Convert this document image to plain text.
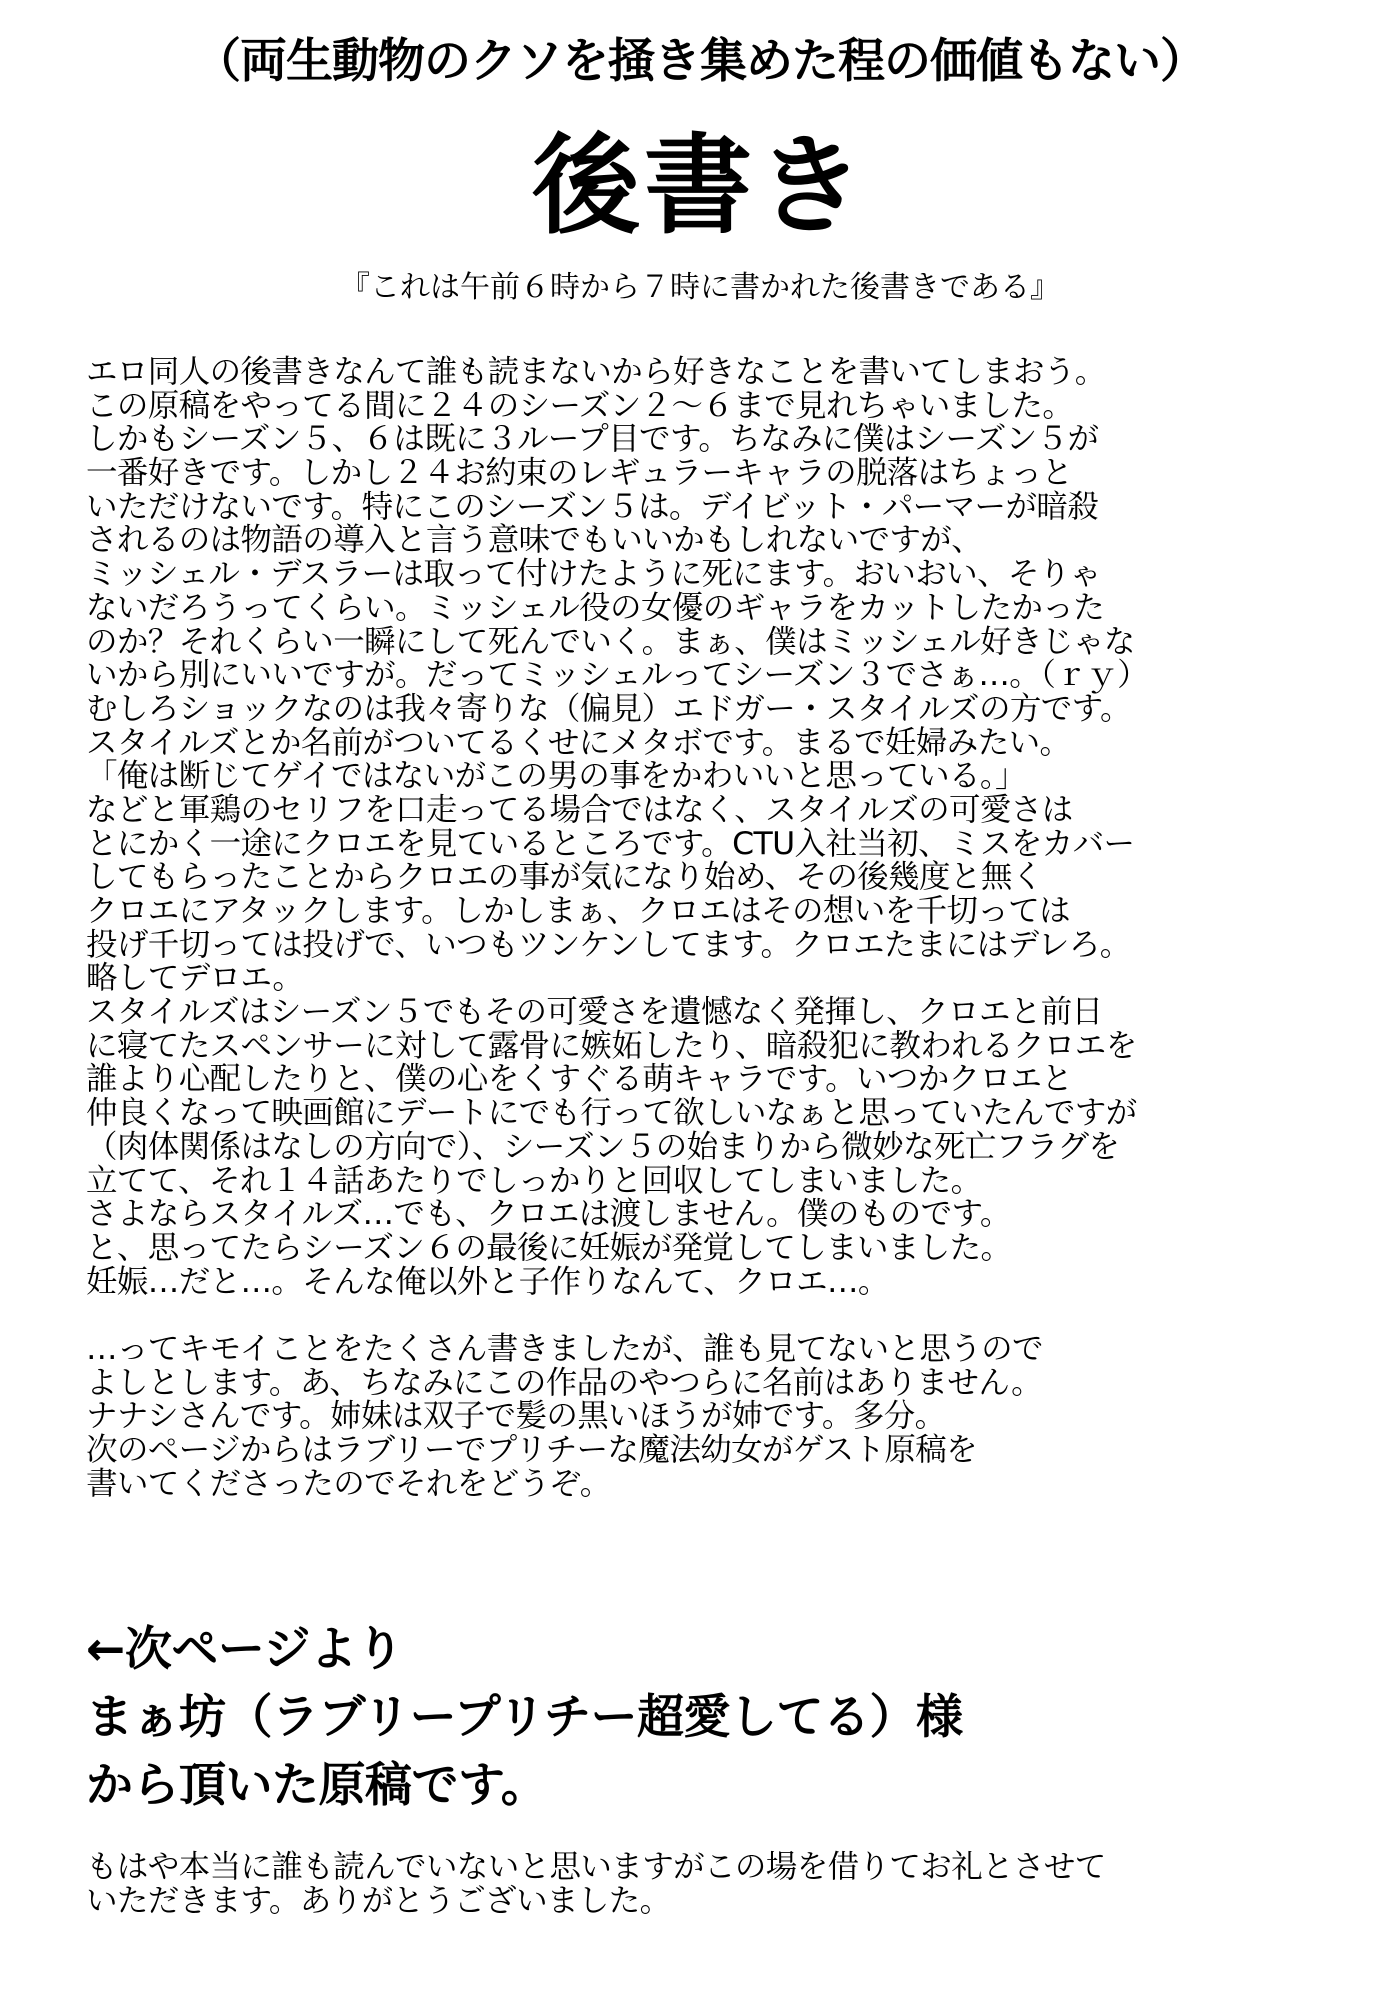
（両生動物のクソを掻き集めた程の価値もない）
後書き
『これは午前６時から７時に書かれた後書きである』
エロ同人の後書きなんて誰も読まないから好きなことを書いてしまおう。
この原稿をやってる間に２４のシーズン２～６まで見れちゃいました。
しかもシーズン５、６は既に３ループ目です。ちなみに僕はシーズン５が
一番好きです。しかし２４お約束のレギュラーキャラの脱落はちょっと
いただけないです。特にこのシーズン５は。デイビット・パーマーが暗殺
されるのは物語の導入と言う意味でもいいかもしれないですが、
ミッシェル・デスラーは取って付けたように死にます。おいおい、そりゃ
ないだろうってくらい。ミッシェル役の女優のギャラをカットしたかった
のか？それくらい一瞬にして死んでいく。まぁ、僕はミッシェル好きじゃな
いから別にいいですが。だってミッシェルってシーズン３でさぁ…。（ｒｙ）
むしろショックなのは我々寄りな（偏見）エドガー・スタイルズの方です。
スタイルズとか名前がついてるくせにメタボです。まるで妊婦みたい。
「俺は断じてゲイではないがこの男の事をかわいいと思っている。」
などと軍鶏のセリフを口走ってる場合ではなく、スタイルズの可愛さは
とにかく一途にクロエを見ているところです。CTU入社当初、ミスをカバー
してもらったことからクロエの事が気になり始め、その後幾度と無く
クロエにアタックします。しかしまぁ、クロエはその想いを千切っては
投げ千切っては投げで、いつもツンケンしてます。クロエたまにはデレろ。
略してデロエ。
スタイルズはシーズン５でもその可愛さを遺憾なく発揮し、クロエと前日
に寝てたスペンサーに対して露骨に嫉妬したり、暗殺犯に教われるクロエを
誰より心配したりと、僕の心をくすぐる萌キャラです。いつかクロエと
仲良くなって映画館にデートにでも行って欲しいなぁと思っていたんですが
（肉体関係はなしの方向で）、シーズン５の始まりから微妙な死亡フラグを
立てて、それ１４話あたりでしっかりと回収してしまいました。
さよならスタイルズ…でも、クロエは渡しません。僕のものです。
と、思ってたらシーズン６の最後に妊娠が発覚してしまいました。
妊娠…だと…。そんな俺以外と子作りなんて、クロエ…。
…ってキモイことをたくさん書きましたが、誰も見てないと思うので
よしとします。あ、ちなみにこの作品のやつらに名前はありません。
ナナシさんです。姉妹は双子で髪の黒いほうが姉です。多分。
次のページからはラブリーでプリチーな魔法幼女がゲスト原稿を
書いてくださったのでそれをどうぞ。
←次ページより
まぁ坊（ラブリープリチー超愛してる）様
から頂いた原稿です。
もはや本当に誰も読んでいないと思いますがこの場を借りてお礼とさせて
いただきます。ありがとうございました。
